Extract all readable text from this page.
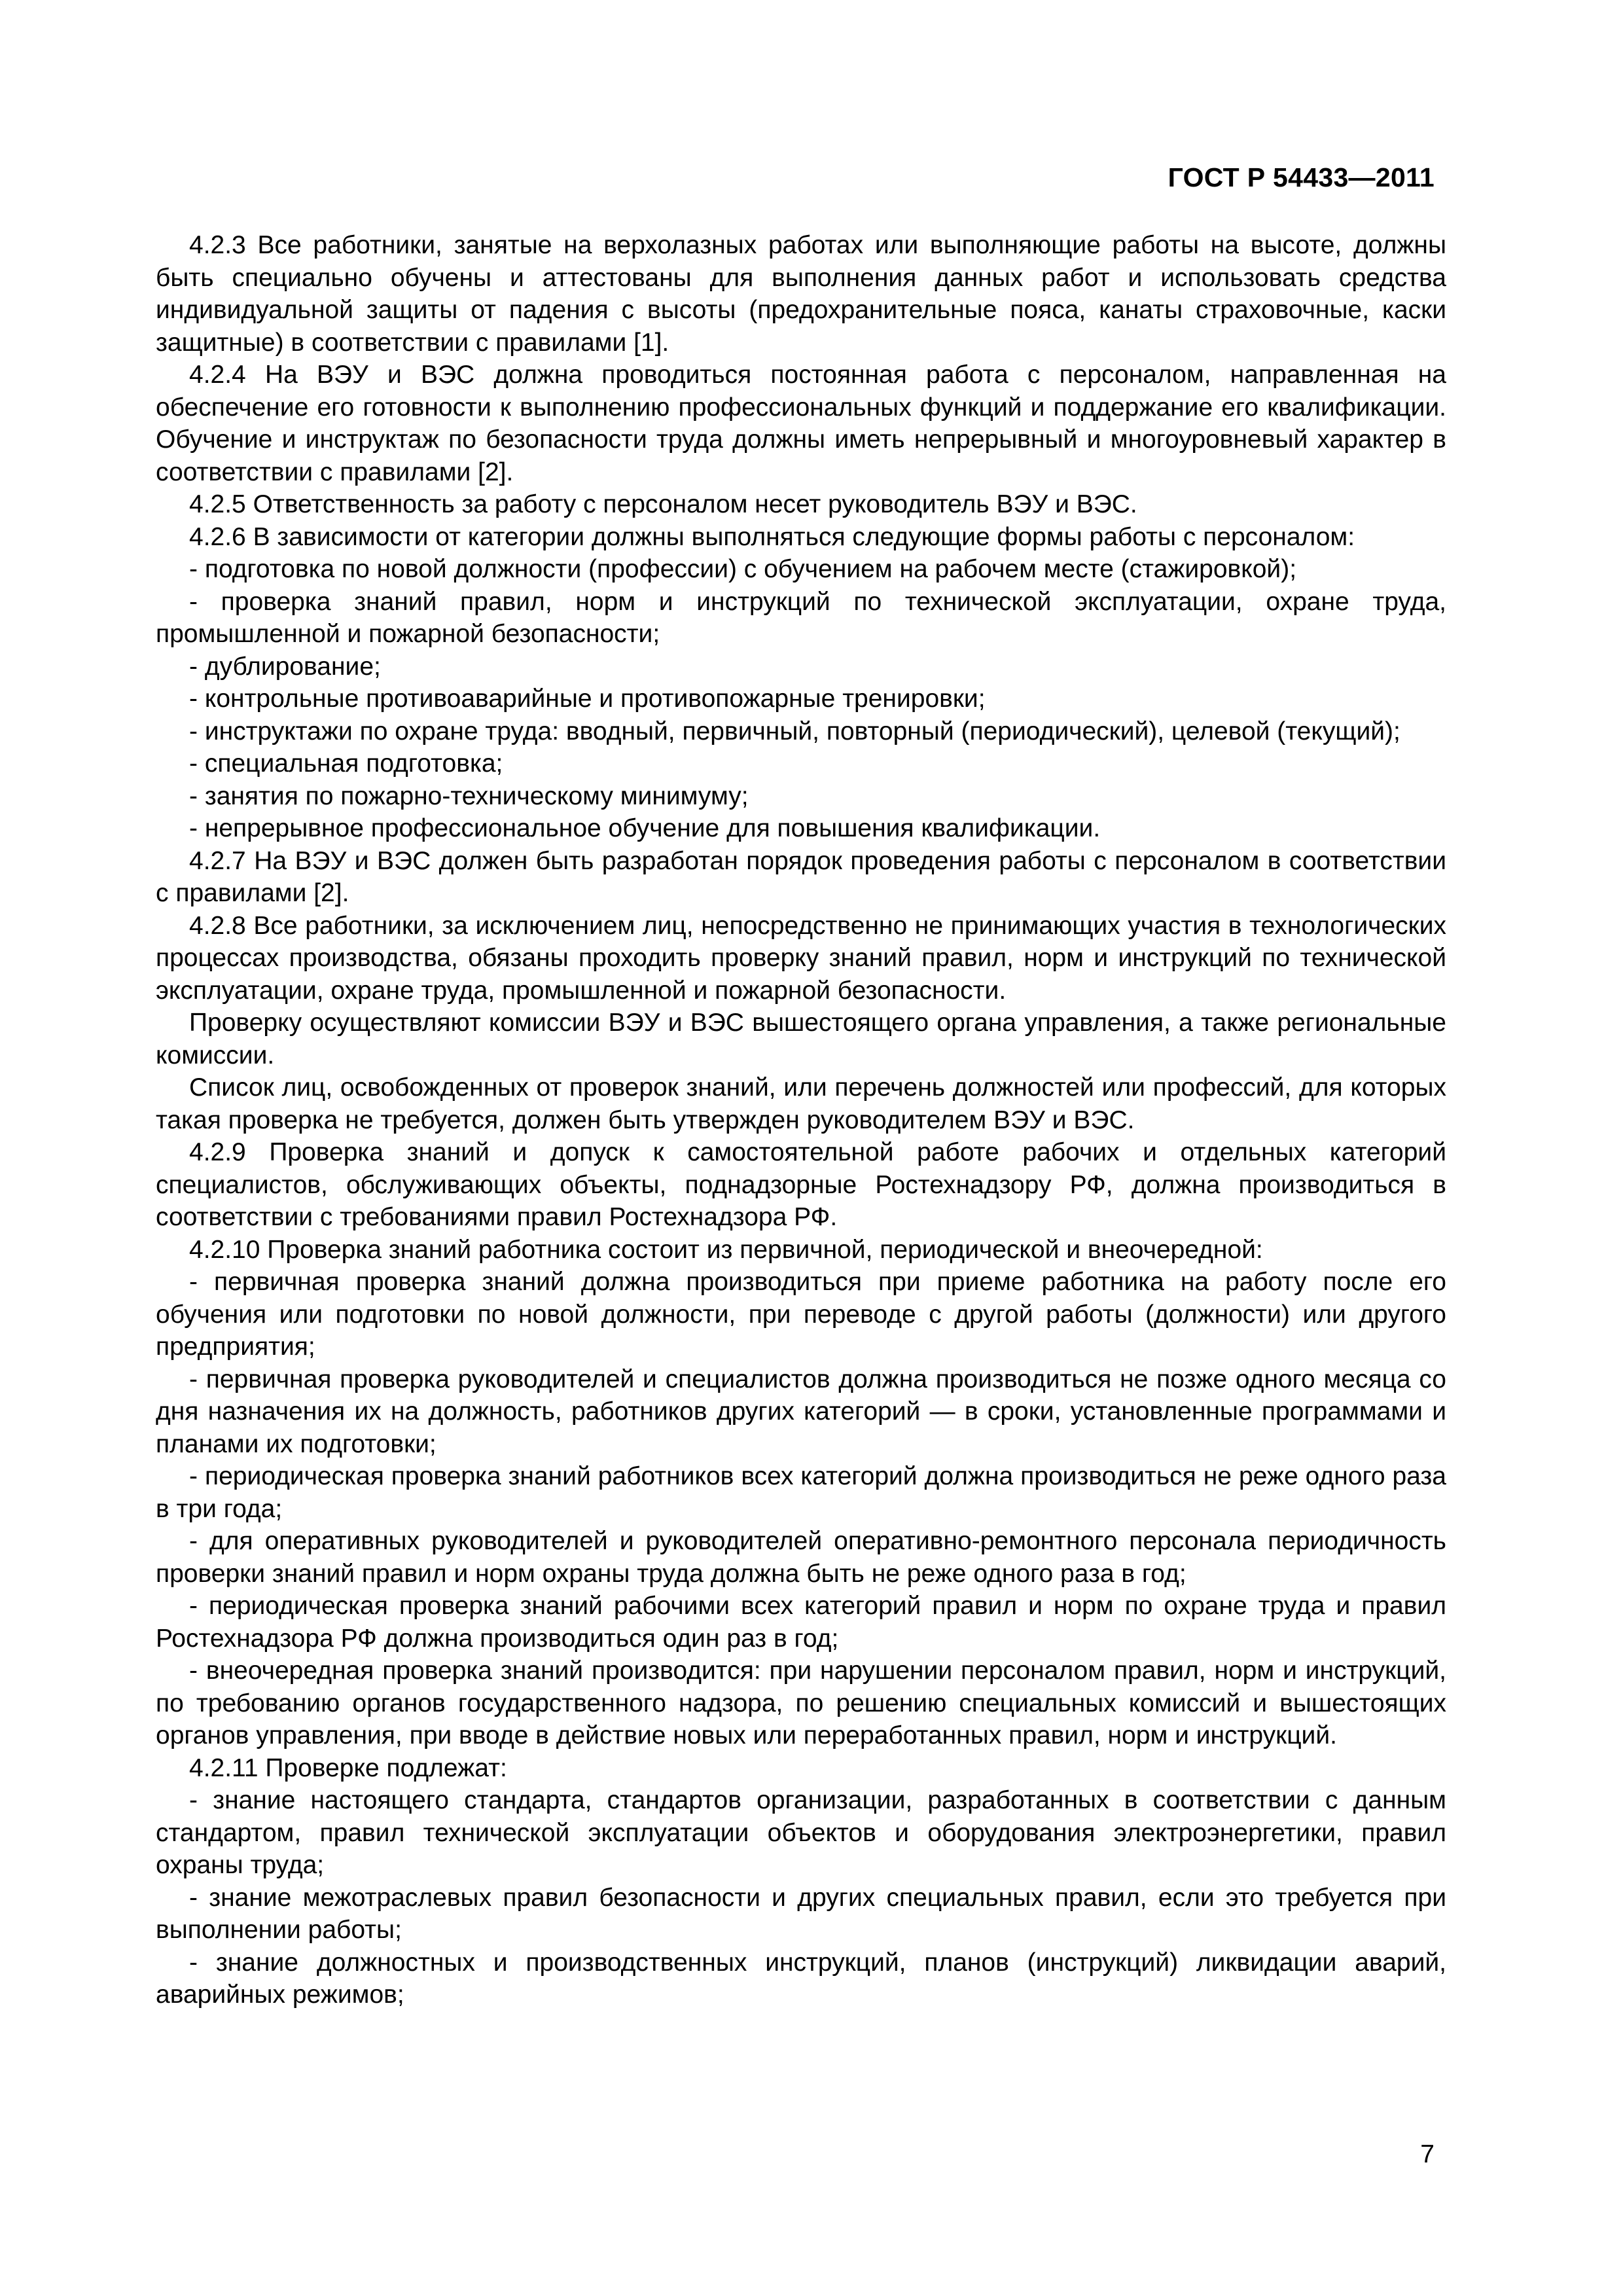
ГОСТ Р 54433—2011

4.2.3 Все работники, занятые на верхолазных работах или выполняющие работы на высоте, должны быть специально обучены и аттестованы для выполнения данных работ и использовать средства индивидуальной защиты от падения с высоты (предохранительные пояса, канаты страховочные, каски защитные) в соответствии с правилами [1].

4.2.4 На ВЭУ и ВЭС должна проводиться постоянная работа с персоналом, направленная на обеспечение его готовности к выполнению профессиональных функций и поддержание его квалификации. Обучение и инструктаж по безопасности труда должны иметь непрерывный и многоуровневый характер в соответствии с правилами [2].

4.2.5 Ответственность за работу с персоналом несет руководитель ВЭУ и ВЭС.

4.2.6 В зависимости от категории должны выполняться следующие формы работы с персоналом:

- подготовка по новой должности (профессии) с обучением на рабочем месте (стажировкой);

- проверка знаний правил, норм и инструкций по технической эксплуатации, охране труда, промышленной и пожарной безопасности;

- дублирование;

- контрольные противоаварийные и противопожарные тренировки;

- инструктажи по охране труда: вводный, первичный, повторный (периодический), целевой (текущий);

- специальная подготовка;

- занятия по пожарно-техническому минимуму;

- непрерывное профессиональное обучение для повышения квалификации.

4.2.7 На ВЭУ и ВЭС должен быть разработан порядок проведения работы с персоналом в соответствии с правилами [2].

4.2.8 Все работники, за исключением лиц, непосредственно не принимающих участия в технологических процессах производства, обязаны проходить проверку знаний правил, норм и инструкций по технической эксплуатации, охране труда, промышленной и пожарной безопасности.

Проверку осуществляют комиссии ВЭУ и ВЭС вышестоящего органа управления, а также региональные комиссии.

Список лиц, освобожденных от проверок знаний, или перечень должностей или профессий, для которых такая проверка не требуется, должен быть утвержден руководителем ВЭУ и ВЭС.

4.2.9 Проверка знаний и допуск к самостоятельной работе рабочих и отдельных категорий специалистов, обслуживающих объекты, поднадзорные Ростехнадзору РФ, должна производиться в соответствии с требованиями правил Ростехнадзора РФ.

4.2.10 Проверка знаний работника состоит из первичной, периодической и внеочередной:

- первичная проверка знаний должна производиться при приеме работника на работу после его обучения или подготовки по новой должности, при переводе с другой работы (должности) или другого предприятия;

- первичная проверка руководителей и специалистов должна производиться не позже одного месяца со дня назначения их на должность, работников других категорий — в сроки, установленные программами и планами их подготовки;

- периодическая проверка знаний работников всех категорий должна производиться не реже одного раза в три года;

- для оперативных руководителей и руководителей оперативно-ремонтного персонала периодичность проверки знаний правил и норм охраны труда должна быть не реже одного раза в год;

- периодическая проверка знаний рабочими всех категорий правил и норм по охране труда и правил Ростехнадзора РФ должна производиться один раз в год;

- внеочередная проверка знаний производится: при нарушении персоналом правил, норм и инструкций, по требованию органов государственного надзора, по решению специальных комиссий и вышестоящих органов управления, при вводе в действие новых или переработанных правил, норм и инструкций.

4.2.11 Проверке подлежат:

- знание настоящего стандарта, стандартов организации, разработанных в соответствии с данным стандартом, правил технической эксплуатации объектов и оборудования электроэнергетики, правил охраны труда;

- знание межотраслевых правил безопасности и других специальных правил, если это требуется при выполнении работы;

- знание должностных и производственных инструкций, планов (инструкций) ликвидации аварий, аварийных режимов;

7
